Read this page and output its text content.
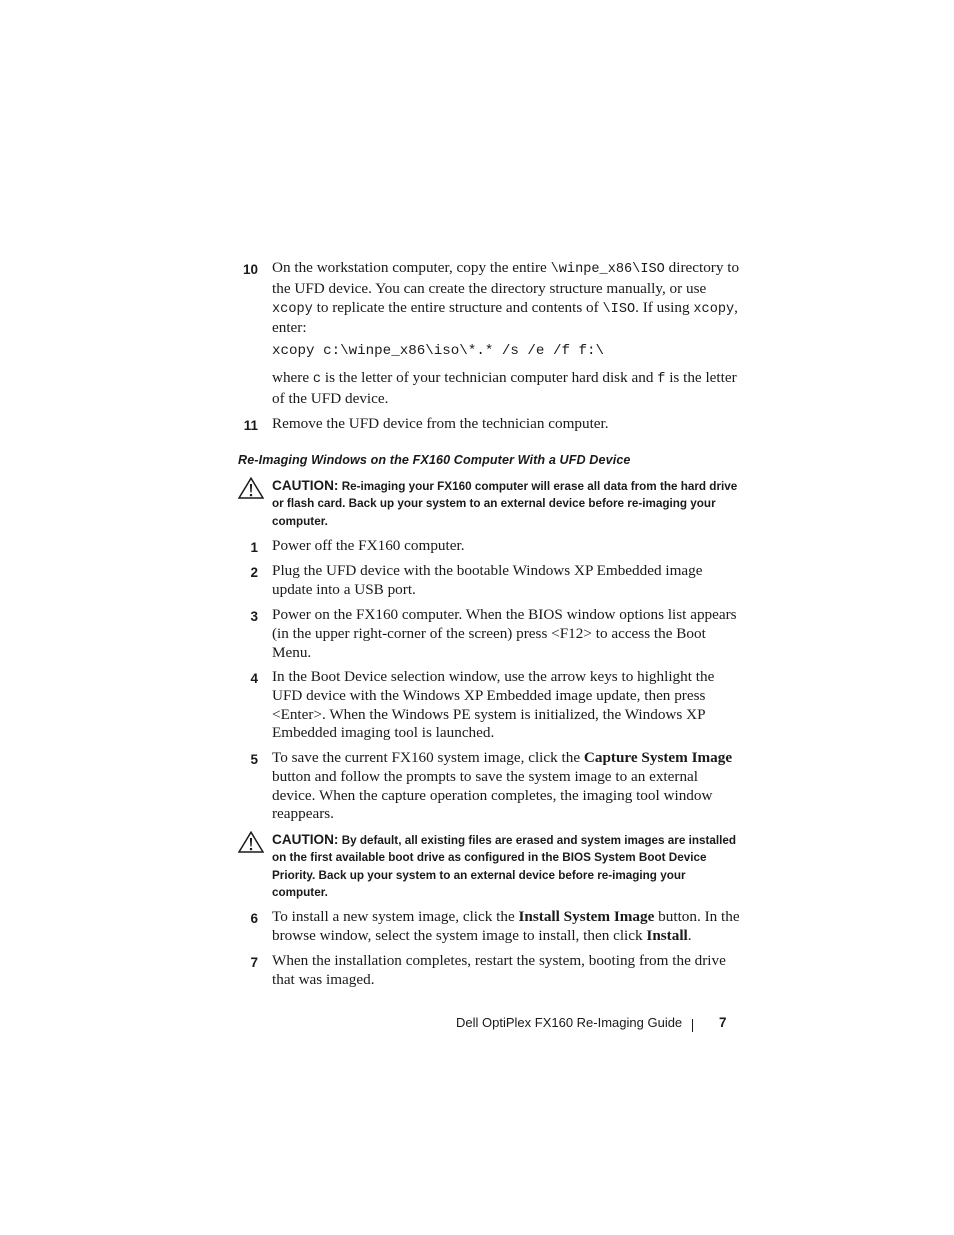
10 On the workstation computer, copy the entire \winpe_x86\ISO directory to the UFD device. You can create the directory structure manually, or use xcopy to replicate the entire structure and contents of \ISO. If using xcopy, enter:
xcopy c:\winpe_x86\iso\*.* /s /e /f f:\
where c is the letter of your technician computer hard disk and f is the letter of the UFD device.
11 Remove the UFD device from the technician computer.
Re-Imaging Windows on the FX160 Computer With a UFD Device
CAUTION: Re-imaging your FX160 computer will erase all data from the hard drive or flash card. Back up your system to an external device before re-imaging your computer.
1 Power off the FX160 computer.
2 Plug the UFD device with the bootable Windows XP Embedded image update into a USB port.
3 Power on the FX160 computer. When the BIOS window options list appears (in the upper right-corner of the screen) press <F12> to access the Boot Menu.
4 In the Boot Device selection window, use the arrow keys to highlight the UFD device with the Windows XP Embedded image update, then press <Enter>. When the Windows PE system is initialized, the Windows XP Embedded imaging tool is launched.
5 To save the current FX160 system image, click the Capture System Image button and follow the prompts to save the system image to an external device. When the capture operation completes, the imaging tool window reappears.
CAUTION: By default, all existing files are erased and system images are installed on the first available boot drive as configured in the BIOS System Boot Device Priority. Back up your system to an external device before re-imaging your computer.
6 To install a new system image, click the Install System Image button. In the browse window, select the system image to install, then click Install.
7 When the installation completes, restart the system, booting from the drive that was imaged.
Dell OptiPlex FX160 Re-Imaging Guide	7
